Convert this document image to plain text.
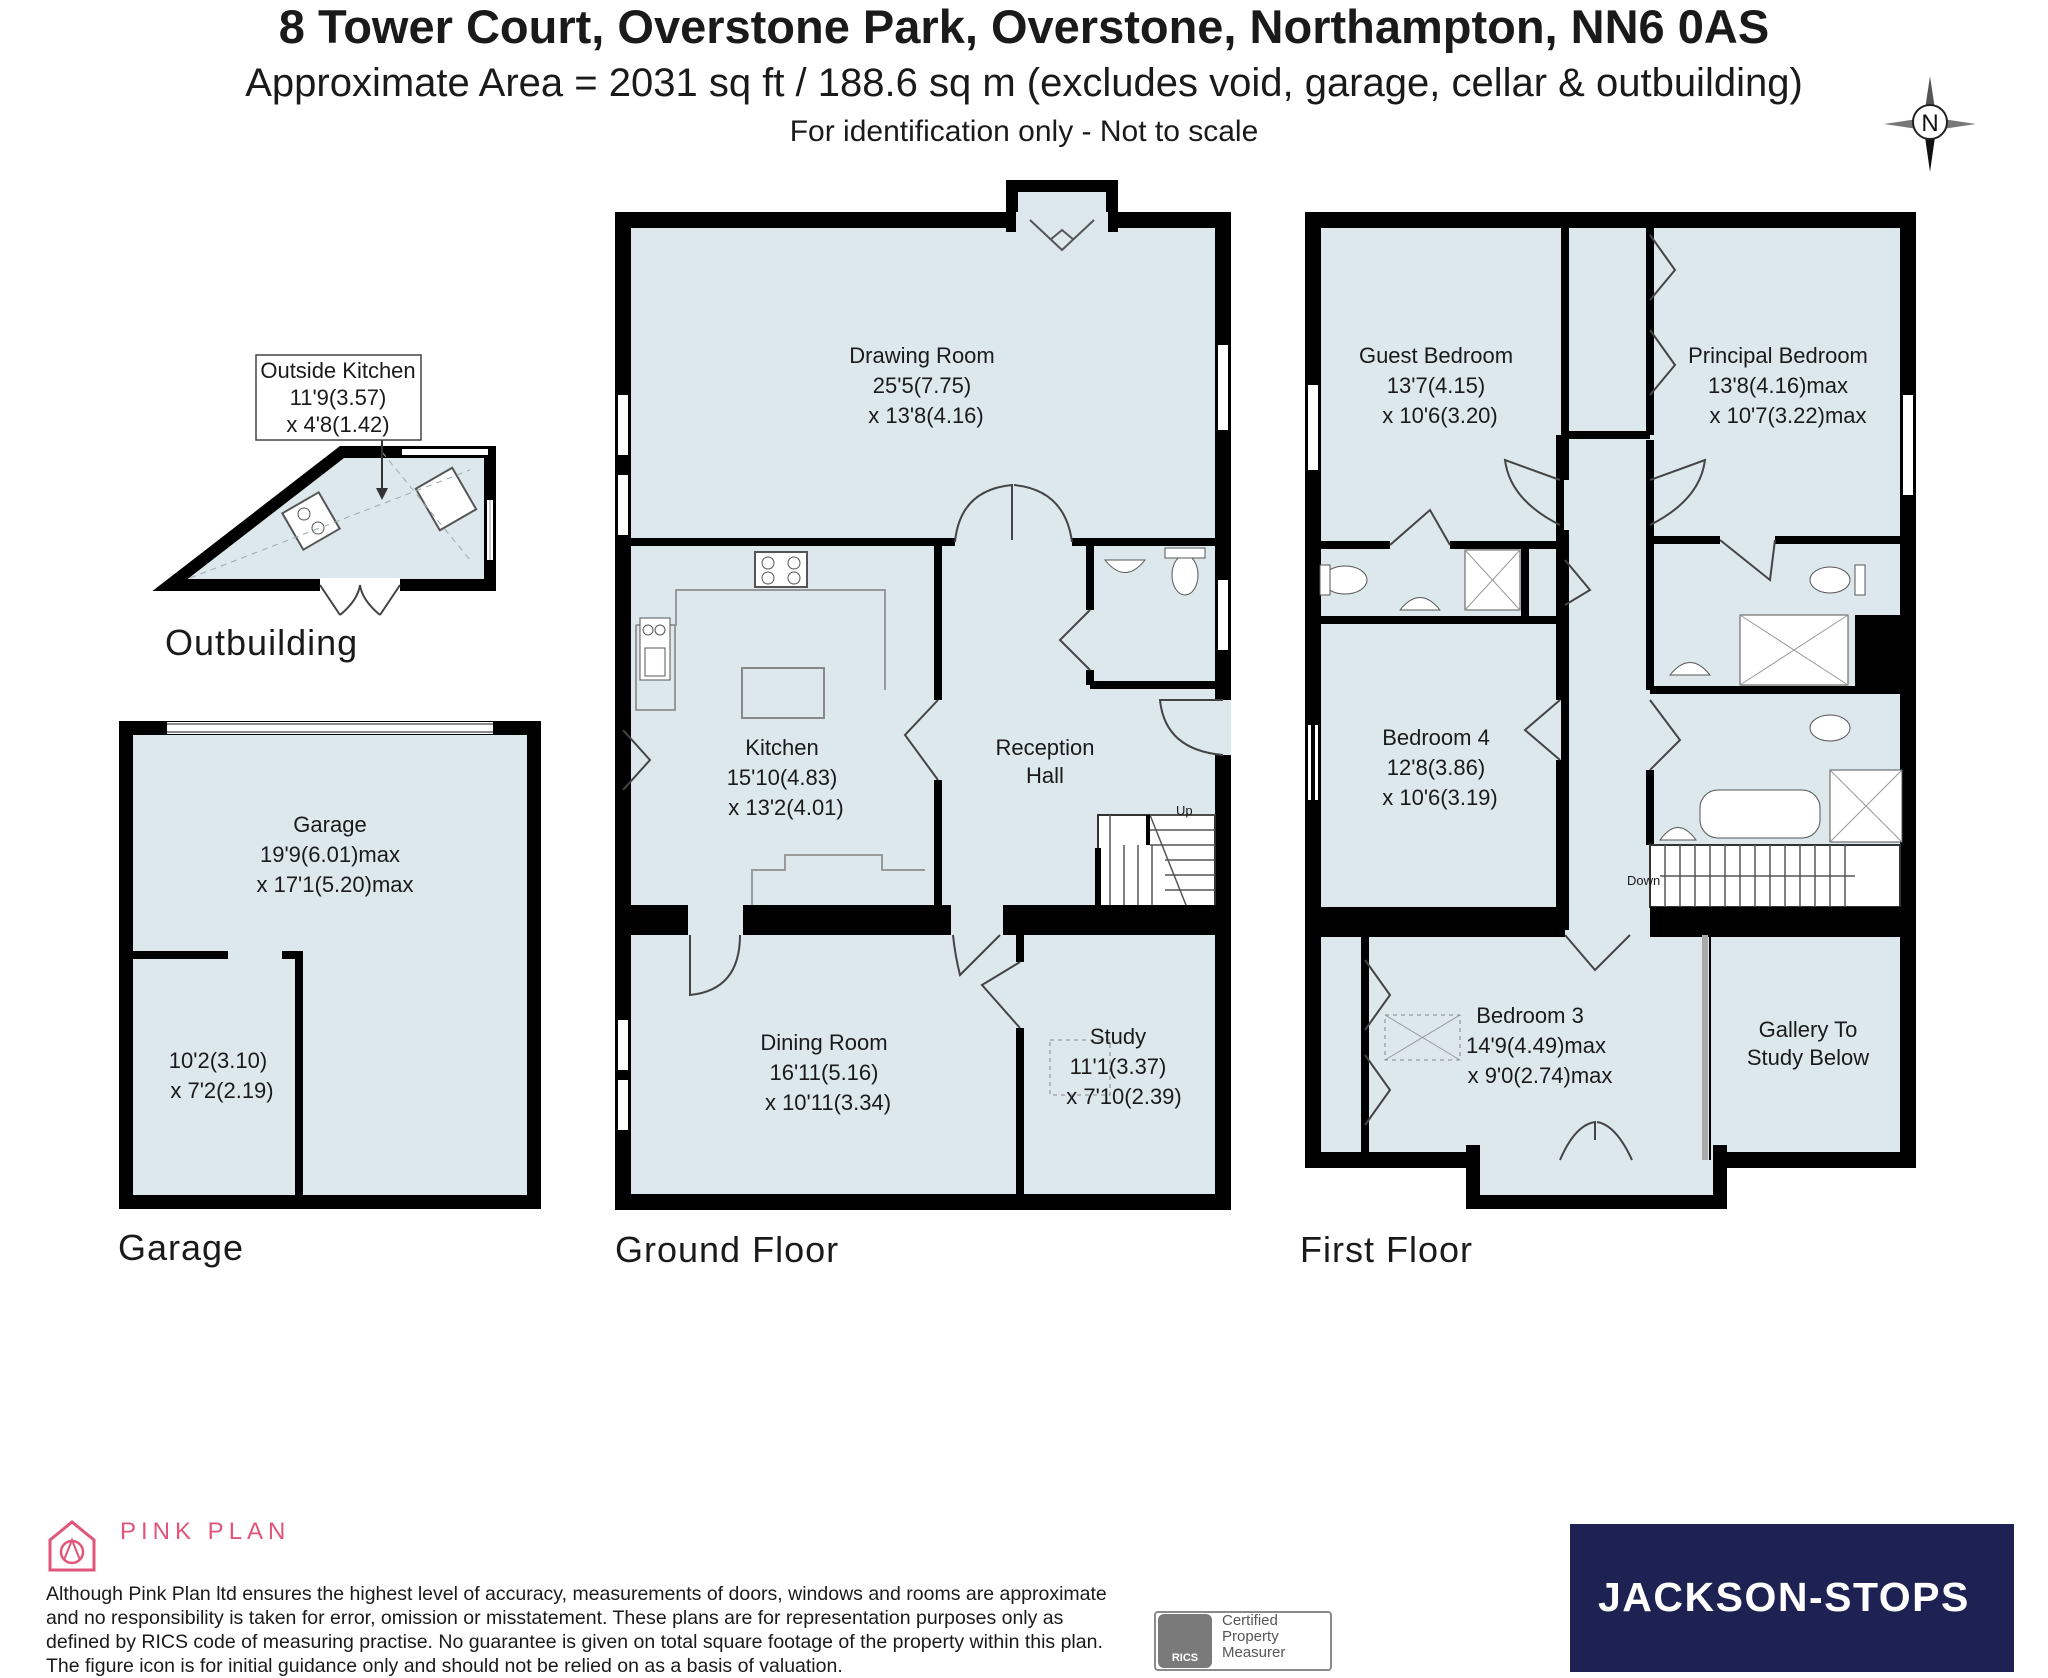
8 Tower Court, Overstone Park, Overstone, Northampton, NN6 0AS
Approximate Area = 2031 sq ft / 188.6 sq m (excludes void, garage, cellar & outbuilding)
For identification only - Not to scale	N
Outside Kitchen
11'9(3.57)
x 4'8(1.42)
Outbuilding
Garage
19'9(6.01)max
x 17'1(5.20)max
10'2(3.10)
x 7'2(2.19)
Garage
Drawing Room
25'5(7.75)
x 13'8(4.16)
Kitchen
15'10(4.83)
x 13'2(4.01)
Reception
Hall
Up
Dining Room
16'11(5.16)
x 10'11(3.34)
Study
11'1(3.37)
x 7'10(2.39)
Ground Floor
Guest Bedroom
13'7(4.15)
x 10'6(3.20)
Principal Bedroom
13'8(4.16)max
x 10'7(3.22)max
Bedroom 4
12'8(3.86)
x 10'6(3.19)
Down
Bedroom 3
14'9(4.49)max
x 9'0(2.74)max
Gallery To
Study Below
First Floor
PINK PLAN
Although Pink Plan ltd ensures the highest level of accuracy, measurements of doors, windows and rooms are approximate and no responsibility is taken for error, omission or misstatement. These plans are for representation purposes only as defined by RICS code of measuring practise. No guarantee is given on total square footage of the property within this plan. The figure icon is for initial guidance only and should not be relied on as a basis of valuation.	RICS
Certified Property Measurer
JACKSON-STOPS
